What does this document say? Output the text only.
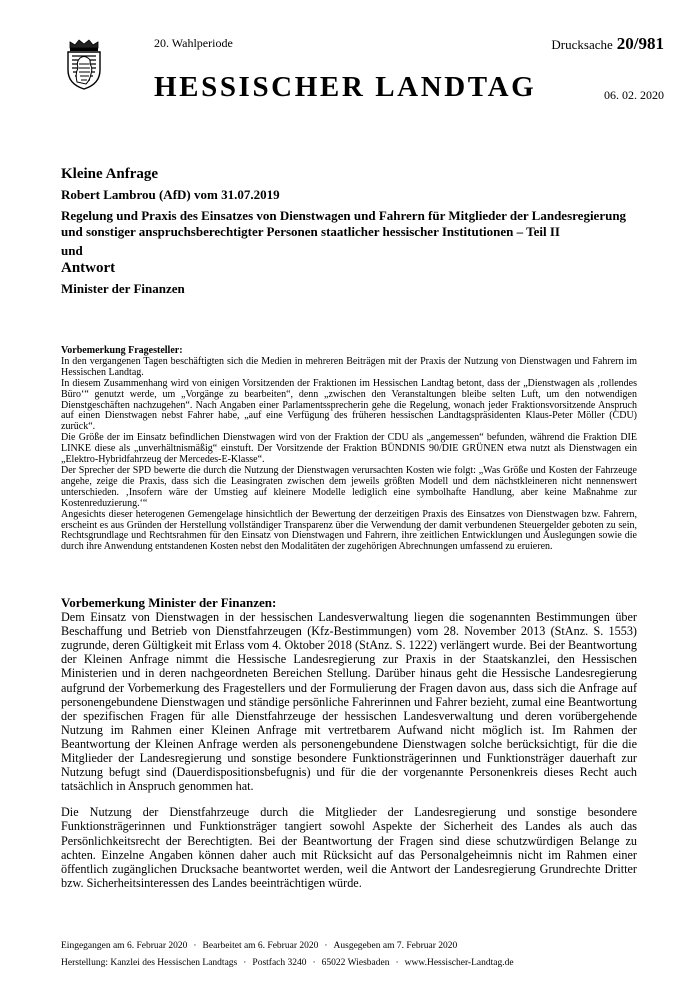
20. Wahlperiode	Drucksache 20/981
HESSISCHER LANDTAG	06. 02. 2020
Kleine Anfrage
Robert Lambrou (AfD) vom 31.07.2019
Regelung und Praxis des Einsatzes von Dienstwagen und Fahrern für Mitglieder der Landesregierung und sonstiger anspruchsberechtigter Personen staatlicher hessischer Institutionen – Teil II
und
Antwort
Minister der Finanzen
Vorbemerkung Fragesteller:

In den vergangenen Tagen beschäftigten sich die Medien in mehreren Beiträgen mit der Praxis der Nutzung von Dienstwagen und Fahrern im Hessischen Landtag.

In diesem Zusammenhang wird von einigen Vorsitzenden der Fraktionen im Hessischen Landtag betont, dass der „Dienstwagen als ‚rollendes Büro‘“ genutzt werde, um „Vorgänge zu bearbeiten“, denn „zwischen den Veranstaltungen bleibe selten Luft, um den notwendigen Dienstgeschäften nachzugehen“. Nach Angaben einer Parlamentssprecherin gehe die Regelung, wonach jeder Fraktionsvorsitzende Anspruch auf einen Dienstwagen nebst Fahrer habe, „auf eine Verfügung des früheren hessischen Landtagspräsidenten Klaus-Peter Möller (CDU) zurück“.

Die Größe der im Einsatz befindlichen Dienstwagen wird von der Fraktion der CDU als „angemessen“ befunden, während die Fraktion DIE LINKE diese als „unverhältnismäßig“ einstuft. Der Vorsitzende der Fraktion BÜNDNIS 90/DIE GRÜNEN etwa nutzt als Dienstwagen ein „Elektro-Hybridfahrzeug der Mercedes-E-Klasse“.

Der Sprecher der SPD bewerte die durch die Nutzung der Dienstwagen verursachten Kosten wie folgt: „Was Größe und Kosten der Fahrzeuge angehe, zeige die Praxis, dass sich die Leasingraten zwischen dem jeweils größten Modell und dem nächstkleineren nicht nennenswert unterschieden. ‚Insofern wäre der Umstieg auf kleinere Modelle lediglich eine symbolhafte Handlung, aber keine Maßnahme zur Kostenreduzierung.‘“

Angesichts dieser heterogenen Gemengelage hinsichtlich der Bewertung der derzeitigen Praxis des Einsatzes von Dienstwagen bzw. Fahrern, erscheint es aus Gründen der Herstellung vollständiger Transparenz über die Verwendung der damit verbundenen Steuergelder geboten zu sein, Rechtsgrundlage und Rechtsrahmen für den Einsatz von Dienstwagen und Fahrern, ihre zeitlichen Entwicklungen und Auslegungen sowie die durch ihre Anwendung entstandenen Kosten nebst den Modalitäten der zugehörigen Abrechnungen umfassend zu eruieren.

Vorbemerkung Minister der Finanzen:

Dem Einsatz von Dienstwagen in der hessischen Landesverwaltung liegen die sogenannten Bestimmungen über Beschaffung und Betrieb von Dienstfahrzeugen (Kfz-Bestimmungen) vom 28. November 2013 (StAnz. S. 1553) zugrunde, deren Gültigkeit mit Erlass vom 4. Oktober 2018 (StAnz. S. 1222) verlängert wurde. Bei der Beantwortung der Kleinen Anfrage nimmt die Hessische Landesregierung zur Praxis in der Staatskanzlei, den Hessischen Ministerien und in deren nachgeordneten Bereichen Stellung. Darüber hinaus geht die Hessische Landesregierung aufgrund der Vorbemerkung des Fragestellers und der Formulierung der Fragen davon aus, dass sich die Anfrage auf personengebundene Dienstwagen und ständige persönliche Fahrerinnen und Fahrer bezieht, zumal eine Beantwortung der spezifischen Fragen für alle Dienstfahrzeuge der hessischen Landesverwaltung und deren vorübergehende Nutzung im Rahmen einer Kleinen Anfrage mit vertretbarem Aufwand nicht möglich ist. Im Rahmen der Beantwortung der Kleinen Anfrage werden als personengebundene Dienstwagen solche berücksichtigt, für die die Mitglieder der Landesregierung und sonstige besondere Funktionsträgerinnen und Funktionsträger dauerhaft zur Nutzung befugt sind (Dauerdispositionsbefugnis) und für die der vorgenannte Personenkreis dieses Recht auch tatsächlich in Anspruch genommen hat.

Die Nutzung der Dienstfahrzeuge durch die Mitglieder der Landesregierung und sonstige besondere Funktionsträgerinnen und Funktionsträger tangiert sowohl Aspekte der Sicherheit des Landes als auch das Persönlichkeitsrecht der Berechtigten. Bei der Beantwortung der Fragen sind diese schutzwürdigen Belange zu achten. Einzelne Angaben können daher auch mit Rücksicht auf das Personalgeheimnis nicht im Rahmen einer öffentlich zugänglichen Drucksache beantwortet werden, weil die Antwort der Landesregierung Grundrechte Dritter bzw. Sicherheitsinteressen des Landes beeinträchtigen würde.

Eingegangen am 6. Februar 2020 · Bearbeitet am 6. Februar 2020 · Ausgegeben am 7. Februar 2020
Herstellung: Kanzlei des Hessischen Landtags · Postfach 3240 · 65022 Wiesbaden · www.Hessischer-Landtag.de
